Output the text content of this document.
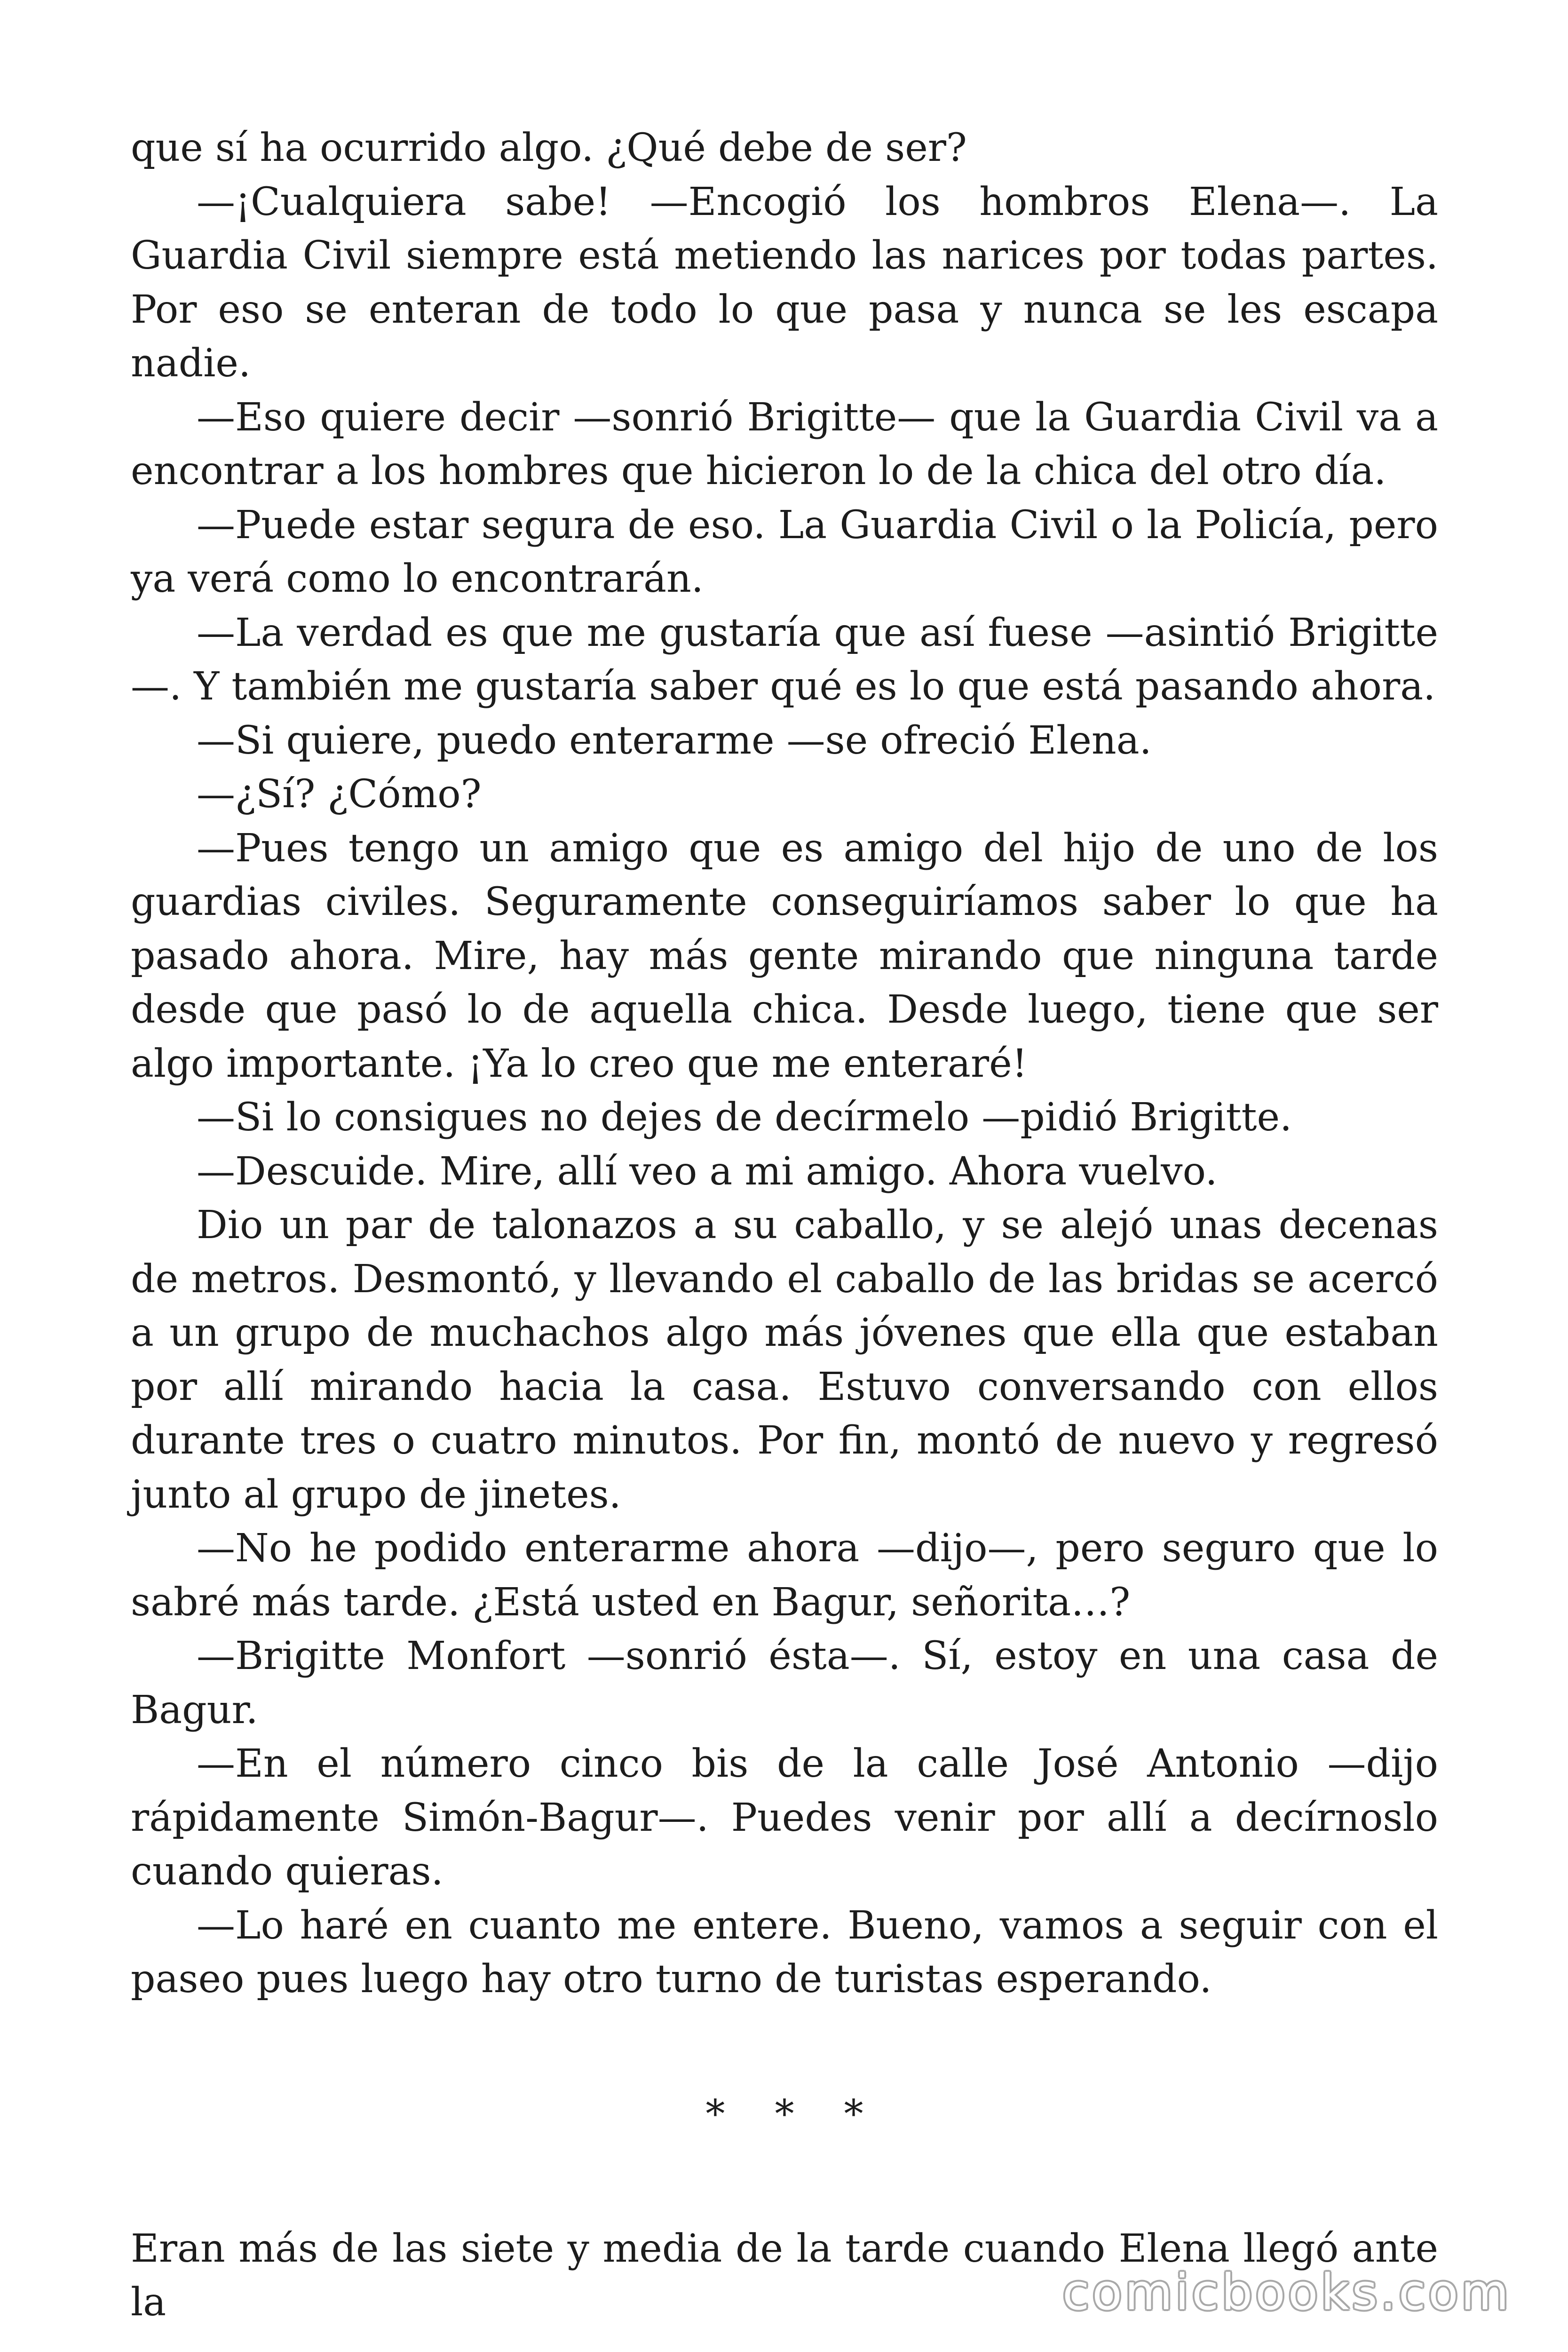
que sí ha ocurrido algo. ¿Qué debe de ser?

—¡Cualquiera sabe! —Encogió los hombros Elena—. La Guardia Civil siempre está metiendo las narices por todas partes. Por eso se enteran de todo lo que pasa y nunca se les escapa nadie.

—Eso quiere decir —sonrió Brigitte— que la Guardia Civil va a encontrar a los hombres que hicieron lo de la chica del otro día.

—Puede estar segura de eso. La Guardia Civil o la Policía, pero ya verá como lo encontrarán.

—La verdad es que me gustaría que así fuese —asintió Brigitte —. Y también me gustaría saber qué es lo que está pasando ahora.

—Si quiere, puedo enterarme —se ofreció Elena.

—¿Sí? ¿Cómo?

—Pues tengo un amigo que es amigo del hijo de uno de los guardias civiles. Seguramente conseguiríamos saber lo que ha pasado ahora. Mire, hay más gente mirando que ninguna tarde desde que pasó lo de aquella chica. Desde luego, tiene que ser algo importante. ¡Ya lo creo que me enteraré!

—Si lo consigues no dejes de decírmelo —pidió Brigitte.

—Descuide. Mire, allí veo a mi amigo. Ahora vuelvo.

Dio un par de talonazos a su caballo, y se alejó unas decenas de metros. Desmontó, y llevando el caballo de las bridas se acercó a un grupo de muchachos algo más jóvenes que ella que estaban por allí mirando hacia la casa. Estuvo conversando con ellos durante tres o cuatro minutos. Por fin, montó de nuevo y regresó junto al grupo de jinetes.

—No he podido enterarme ahora —dijo—, pero seguro que lo sabré más tarde. ¿Está usted en Bagur, señorita…?

—Brigitte Monfort —sonrió ésta—. Sí, estoy en una casa de Bagur.

—En el número cinco bis de la calle José Antonio —dijo rápidamente Simón-Bagur—. Puedes venir por allí a decírnoslo cuando quieras.

—Lo haré en cuanto me entere. Bueno, vamos a seguir con el paseo pues luego hay otro turno de turistas esperando.

* * *

Eran más de las siete y media de la tarde cuando Elena llegó ante la	comicbooks.com
